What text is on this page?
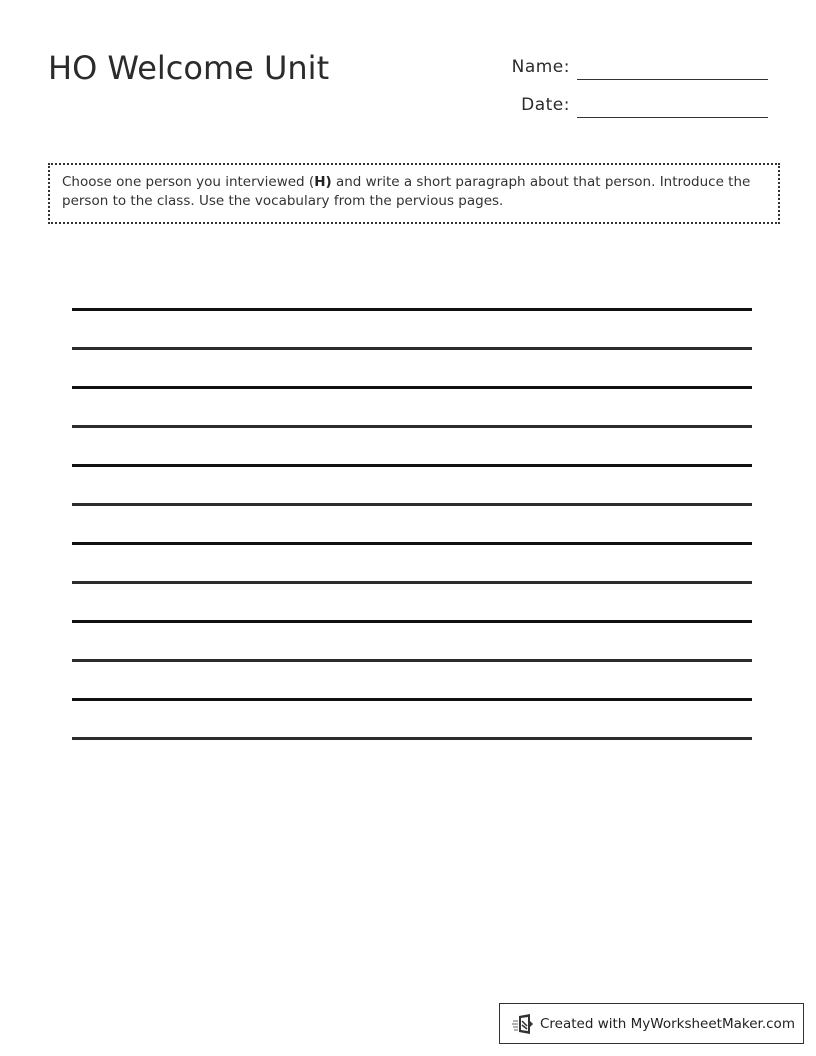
HO Welcome Unit	Name:
Date:
Choose one person you interviewed (H) and write a short paragraph about that person. Introduce the person to the class. Use the vocabulary from the pervious pages.
Created with MyWorksheetMaker.com
